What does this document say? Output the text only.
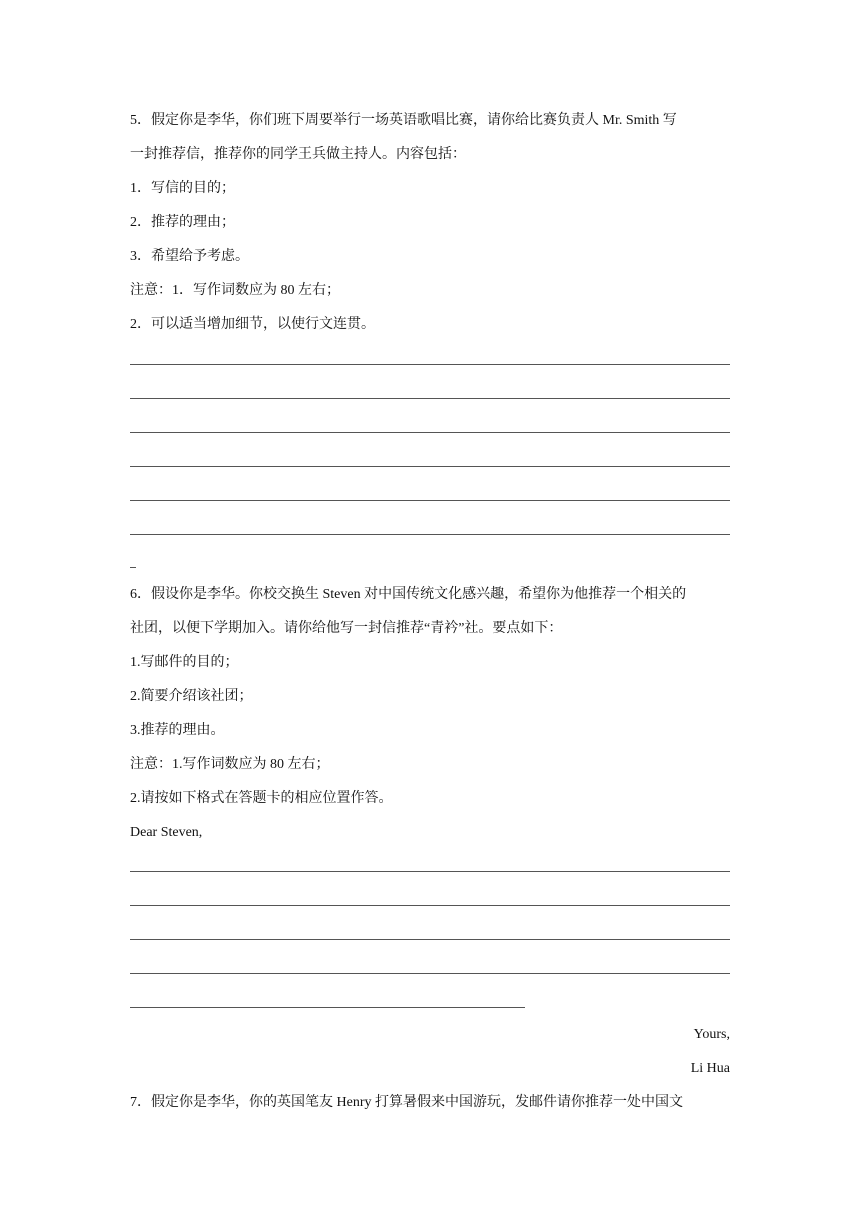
5．假定你是李华，你们班下周要举行一场英语歌唱比赛，请你给比赛负责人 Mr. Smith 写
一封推荐信，推荐你的同学王兵做主持人。内容包括：
1．写信的目的；
2．推荐的理由；
3．希望给予考虑。
注意：1．写作词数应为 80 左右；
2．可以适当增加细节，以使行文连贯。
6．假设你是李华。你校交换生 Steven 对中国传统文化感兴趣，希望你为他推荐一个相关的
社团，以便下学期加入。请你给他写一封信推荐“青衿”社。要点如下：
1.写邮件的目的；
2.简要介绍该社团；
3.推荐的理由。
注意：1.写作词数应为 80 左右；
2.请按如下格式在答题卡的相应位置作答。
Dear Steven,
Yours,
Li Hua
7．假定你是李华，你的英国笔友 Henry 打算暑假来中国游玩，发邮件请你推荐一处中国文
